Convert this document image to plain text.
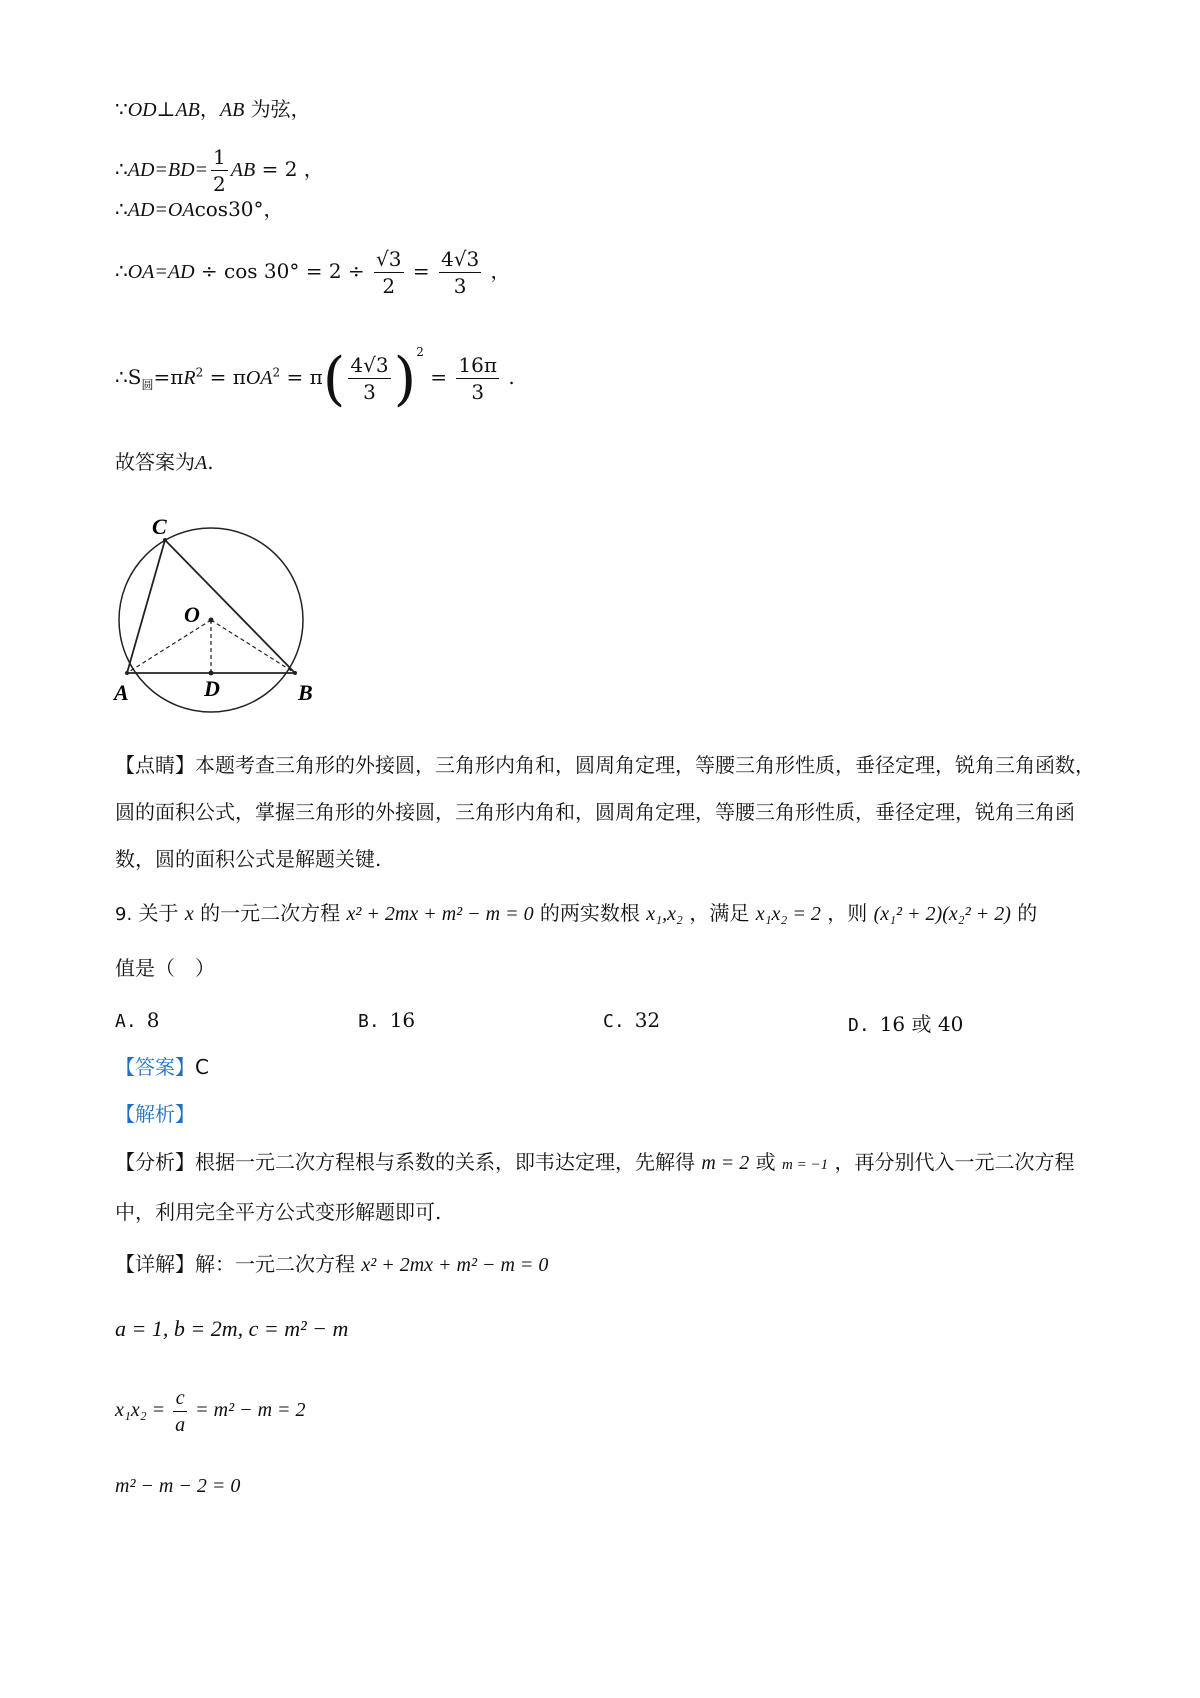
∵OD⊥AB，AB 为弦，
∴AD=BD= $\frac{1}{2}$ AB = 2 ，
∴AD=OAcos30°，
∴OA=AD ÷ $\cos 30^\circ = 2 \div \frac{√3}{2} = \frac{4√3}{3}$ ，
$\therefore S_圆=\pi R^2 = \pi OA^2 = \pi( \frac{4√3}{3} )^2 = \frac{16\pi}{3}$ .
故答案为A.
C
O
A	D	B
【点睛】本题考查三角形的外接圆，三角形内角和，圆周角定理，等腰三角形性质，垂径定理，锐角三角函数，圆的面积公式，掌握三角形的外接圆，三角形内角和，圆周角定理，等腰三角形性质，垂径定理，锐角三角函数，圆的面积公式是解题关键.
9. 关于 x 的一元二次方程 x² + 2mx + m² − m = 0 的两实数根 x₁,x₂ ，满足 x₁x₂ = 2 ，则 (x₁² + 2)(x₂² + 2) 的
值是（　）
A. 8	B. 16	C. 32	D. 16 或 40
【答案】C
【解析】
【分析】根据一元二次方程根与系数的关系，即韦达定理，先解得 m = 2 或 m = −1 ，再分别代入一元二次方程中，利用完全平方公式变形解题即可.
【详解】解：一元二次方程 x² + 2mx + m² − m = 0
a = 1, b = 2m, c = m² − m
$x_1x_2 = \frac{c}{a} = m^2 - m = 2$
m² − m − 2 = 0
